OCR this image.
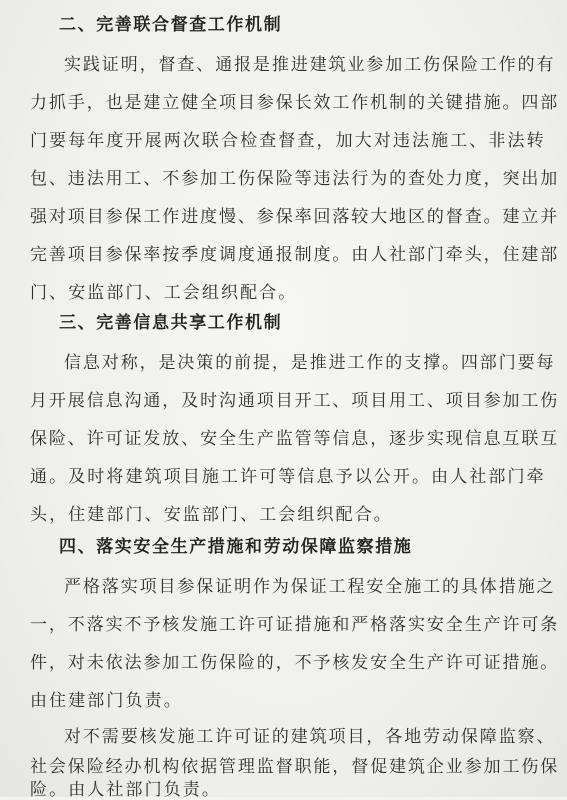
二、完善联合督查工作机制
实践证明，督查、通报是推进建筑业参加工伤保险工作的有
力抓手，也是建立健全项目参保长效工作机制的关键措施。四部
门要每年度开展两次联合检查督查，加大对违法施工、非法转
包、违法用工、不参加工伤保险等违法行为的查处力度，突出加
强对项目参保工作进度慢、参保率回落较大地区的督查。建立并
完善项目参保率按季度调度通报制度。由人社部门牵头，住建部
门、安监部门、工会组织配合。
三、完善信息共享工作机制
信息对称，是决策的前提，是推进工作的支撑。四部门要每
月开展信息沟通，及时沟通项目开工、项目用工、项目参加工伤
保险、许可证发放、安全生产监管等信息，逐步实现信息互联互
通。及时将建筑项目施工许可等信息予以公开。由人社部门牵
头，住建部门、安监部门、工会组织配合。
四、落实安全生产措施和劳动保障监察措施
严格落实项目参保证明作为保证工程安全施工的具体措施之
一，不落实不予核发施工许可证措施和严格落实安全生产许可条
件，对未依法参加工伤保险的，不予核发安全生产许可证措施。
由住建部门负责。
对不需要核发施工许可证的建筑项目，各地劳动保障监察、
社会保险经办机构依据管理监督职能，督促建筑企业参加工伤保
险。由人社部门负责。
